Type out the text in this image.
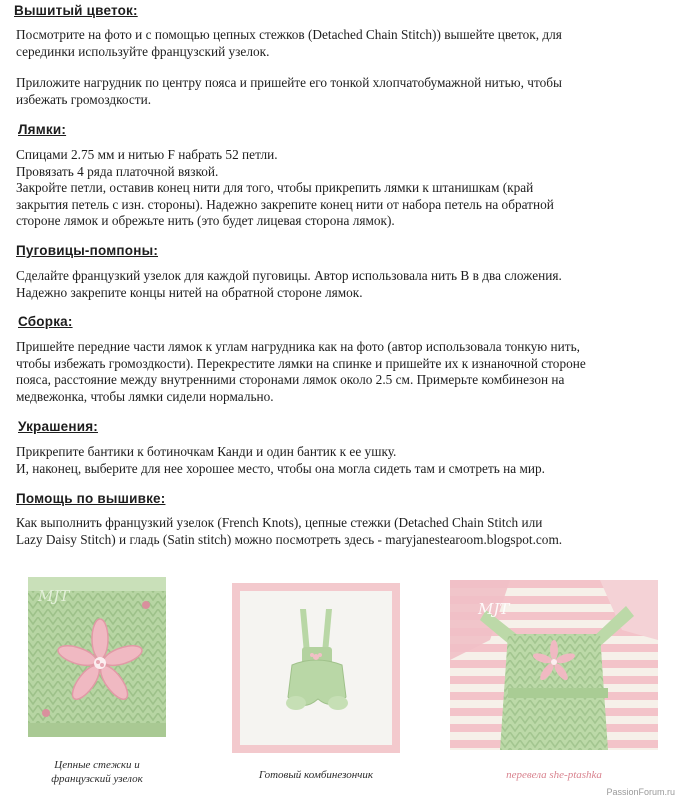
Вышитый цветок:

Посмотрите на фото и с помощью цепных стежков (Detached Chain Stitch)) вышейте цветок, для
серединки используйте французский узелок.

Приложите нагрудник по центру пояса и пришейте его тонкой хлопчатобумажной нитью, чтобы
избежать громоздкости.

Лямки:

Спицами 2.75 мм и нитью F набрать 52 петли.
Провязать 4 ряда платочной вязкой.
Закройте петли, оставив конец нити для того, чтобы прикрепить лямки к штанишкам (край
закрытия петель с изн. стороны). Надежно закрепите конец нити от набора петель на обратной
стороне лямок и обрежьте нить (это будет лицевая сторона лямок).

Пуговицы-помпоны:

Сделайте французкий узелок для каждой пуговицы. Автор использовала нить В в два сложения.
Надежно закрепите концы нитей на обратной стороне лямок.

Сборка:

Пришейте передние части лямок к углам нагрудника как на фото (автор использовала тонкую нить,
чтобы избежать громоздкости). Перекрестите лямки на спинке и пришейте их к изнаночной стороне
пояса, расстояние между внутренними сторонами лямок около 2.5 см. Примерьте комбинезон на
медвежонка, чтобы лямки сидели нормально.

Украшения:

Прикрепите бантики к ботиночкам Канди и один бантик к ее ушку.
И, наконец, выберите для нее хорошее место, чтобы она могла сидеть там и смотреть на мир.

Помощь по вышивке:

Как выполнить французкий узелок (French Knots), цепные стежки (Detached Chain Stitch или
Lazy Daisy Stitch) и гладь (Satin stitch) можно посмотреть здесь - maryjanestearoom.blogspot.com.

MJT
Цепные стежки и
французский узелок	Готовый комбинезончик
MJT
перевела she-ptashka
PassionForum.ru
